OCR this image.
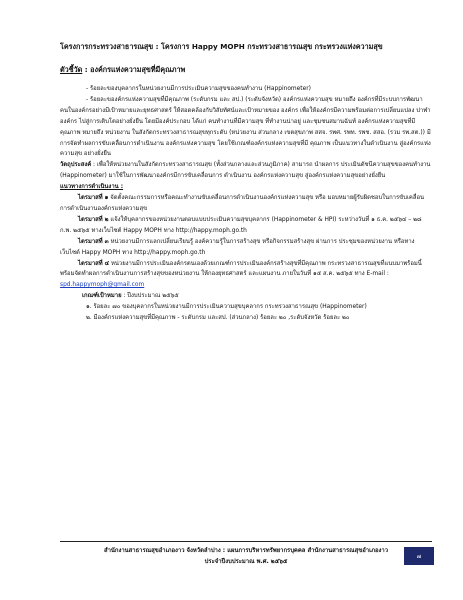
โครงการกระทรวงสาธารณสุข : โครงการ Happy MOPH กระทรวงสาธารณสุข กระทรวงแห่งความสุข
ตัวชี้วัด : องค์กรแห่งความสุขที่มีคุณภาพ

- ร้อยละของบุคลากรในหน่วยงานมีการประเมินความสุขของคนทำงาน (Happinometer)

- ร้อยละของค์กรแห่งความสุขที่มีคุณภาพ (ระดับกรม และ สป.) (ระดับจังหวัด) องค์กรแห่งความสุข หมายถึง องค์กรที่มีระบบการพัฒนาคนในองค์กรอย่างมีเป้าหมายและยุทธศาสตร์ ให้สอดคล้องกับวิสัยทัศน์และเป้าหมายของ องค์กร เพื่อให้องค์กรมีความพร้อมต่อการเปลี่ยนแปลง ปาฬาองค์กร ไปสู่การเติบโตอย่างยั่งยืน โดยมีองค์ประกอบ ได้แก่ คนทำงานที่มีความสุข ที่ทำงานน่าอยู่ และชุมชนสมานฉันท์ องค์กรแห่งความสุขที่มีคุณภาพ หมายถึง หน่วยงาน ในสังกัดกระทรวงสาธารณสุขทุกระดับ (หน่วยงาน ส่วนกลาง เขตสุขภาพ สสจ. รพศ. รพท. รพช. สสอ. (รวม รพ.สต.)) มีการจัดทำผลการขับเคลื่อนการดำเนินงาน องค์กรแห่งความสุข โดยใช้เกณฑ์องค์กรแห่งความสุขที่มี คุณภาพ เป็นแนวทางในดำเนินงาน สู่องค์กรแห่งความสุข อย่างยั่งยืน

วัตถุประสงค์ : เพื่อให้หน่วยงานในสังกัดกระทรวงสาธารณสุข (ทั้งส่วนกลางและส่วนภูมิภาค) สามารถ นำผลการ ประเมินดัชนีความสุขของคนทำงาน (Happinometer) มาใช้ในการพัฒนาองค์กรมีการขับเคลื่อนการ ดำเนินงาน องค์กรแห่งความสุข สู่องค์กรแห่งความสุขอย่างยั่งยืน

แนวทางการดำเนินงาน :

ไตรมาสที่ ๑ จัดตั้งคณะกรรมการหรือคณะทำงานขับเคลื่อนการดำเนินงานองค์กรแห่งความสุข หรือ มอบหมายผู้รับผิดชอบในการขับเคลื่อนการดำเนินงานองค์กรแห่งความสุข

ไตรมาสที่ ๒ แจ้งให้บุคลากรของหน่วยงานตอบแบบประเมินความสุขบุคลากร (Happinometer & HPI) ระหว่างวันที่ ๑ ธ.ค. ๒๕๖๔ – ๒๘ ก.พ. ๒๕๖๕ ทางเว็บไซต์ Happy MOPH ทาง http://happy.moph.go.th

ไตรมาสที่ ๓ หน่วยงานมีการแลกเปลี่ยนเรียนรู้ องค์ความรู้ในการสร้างสุข หรือกิจกรรมสร้างสุข ผ่านการ ประชุมของหน่วยงาน หรือทางเว็บไซต์ Happy MOPH ทาง http://happy.moph.go.th

ไตรมาสที่ ๔ หน่วยงานมีการประเมินองค์กรตนเองด้วยเกณฑ์การประเมินองค์กรสร้างสุขที่มีคุณภาพ กระทรวงสาธารณสุขที่แนบมาพร้อมนี้ พร้อมจัดทำผลการดำเนินงานการสร้างสุขของหน่วยงาน ให้กองยุทธศาสตร์ และแผนงาน ภายในวันที่ ๑๕ ส.ค. ๒๕๖๕ ทาง E-mail : spd.happymoph@gmail.com

เกณฑ์เป้าหมาย : ปีงบประมาณ ๒๕๖๕

๑. ร้อยละ ๗๐ ของบุคลากรในหน่วยงานมีการประเมินความสุขบุคลากร กระทรวงสาธารณสุข (Happinometer)

๒. มีองค์กรแห่งความสุขที่มีคุณภาพ - ระดับกรม และสป. (ส่วนกลาง) ร้อยละ ๒๐ ,ระดับจังหวัด ร้อยละ ๒๐

สำนักงานสาธารณสุขอำเภองาว จังหวัดลำปาง : แผนการบริหารทรัพยากรบุคคล สำนักงานสาธารณสุขอำเภองาว
ประจำปีงบประมาณ พ.ศ. ๒๕๖๕
๗
